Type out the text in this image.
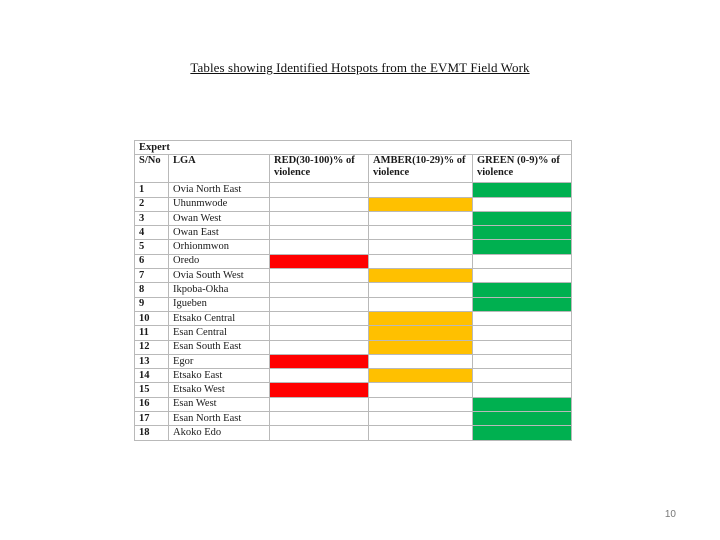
Tables showing Identified Hotspots from the EVMT Field Work
Expert				
S/No	LGA	RED(30-100)% of violence	AMBER(10-29)% of violence	GREEN (0-9)% of violence
1	Ovia North East			
2	Uhunmwode			
3	Owan West			
4	Owan East			
5	Orhionmwon			
6	Oredo			
7	Ovia South West			
8	Ikpoba-Okha			
9	Igueben			
10	Etsako Central			
11	Esan Central			
12	Esan South East			
13	Egor			
14	Etsako East			
15	Etsako West			
16	Esan West			
17	Esan North East			
18	Akoko Edo			
10
